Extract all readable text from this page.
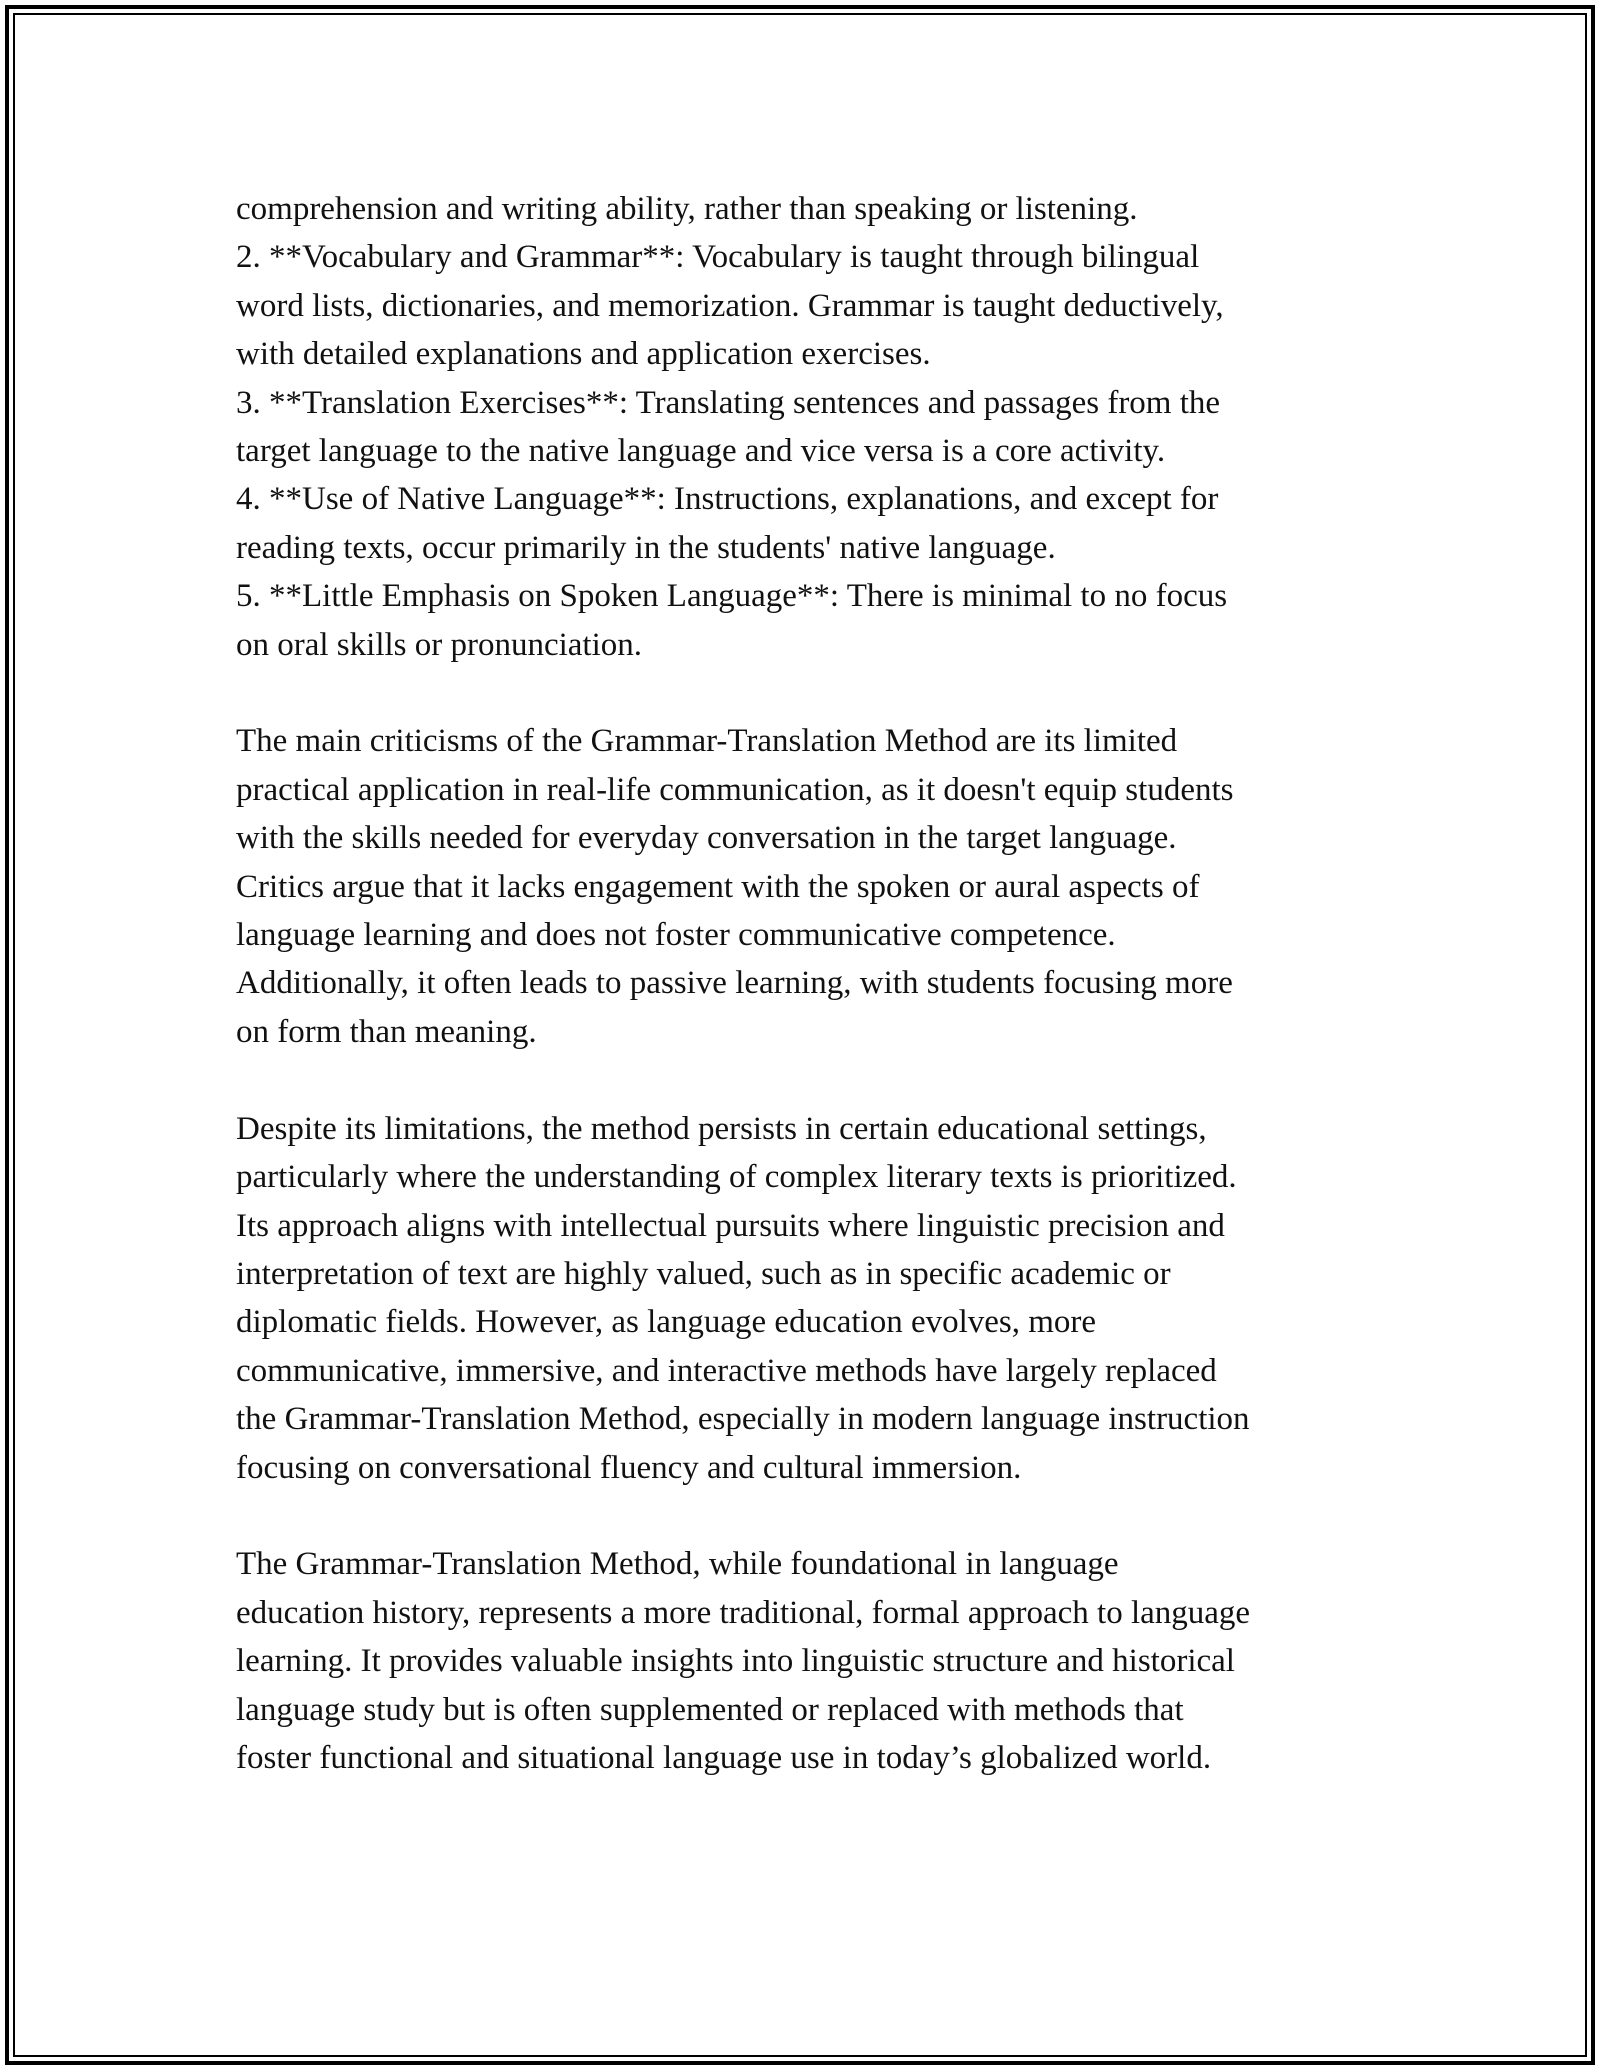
comprehension and writing ability, rather than speaking or listening.
2. **Vocabulary and Grammar**: Vocabulary is taught through bilingual
word lists, dictionaries, and memorization. Grammar is taught deductively,
with detailed explanations and application exercises.
3. **Translation Exercises**: Translating sentences and passages from the
target language to the native language and vice versa is a core activity.
4. **Use of Native Language**: Instructions, explanations, and except for
reading texts, occur primarily in the students' native language.
5. **Little Emphasis on Spoken Language**: There is minimal to no focus
on oral skills or pronunciation.
The main criticisms of the Grammar-Translation Method are its limited
practical application in real-life communication, as it doesn't equip students
with the skills needed for everyday conversation in the target language.
Critics argue that it lacks engagement with the spoken or aural aspects of
language learning and does not foster communicative competence.
Additionally, it often leads to passive learning, with students focusing more
on form than meaning.
Despite its limitations, the method persists in certain educational settings,
particularly where the understanding of complex literary texts is prioritized.
Its approach aligns with intellectual pursuits where linguistic precision and
interpretation of text are highly valued, such as in specific academic or
diplomatic fields. However, as language education evolves, more
communicative, immersive, and interactive methods have largely replaced
the Grammar-Translation Method, especially in modern language instruction
focusing on conversational fluency and cultural immersion.
The Grammar-Translation Method, while foundational in language
education history, represents a more traditional, formal approach to language
learning. It provides valuable insights into linguistic structure and historical
language study but is often supplemented or replaced with methods that
foster functional and situational language use in today’s globalized world.
